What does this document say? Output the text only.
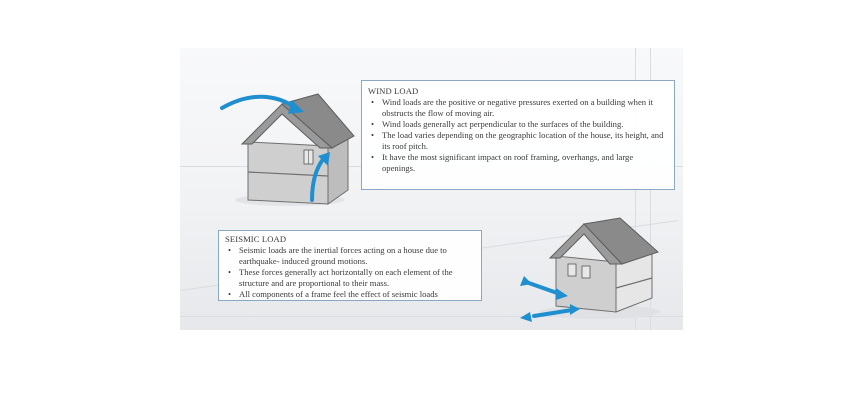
WIND LOAD
• Wind loads are the positive or negative pressures exerted on a building when it obstructs the flow of moving air.
• Wind loads generally act perpendicular to the surfaces of the building.
• The load varies depending on the geographic location of the house, its height, and its roof pitch.
• It have the most significant impact on roof framing, overhangs, and large openings.
SEISMIC LOAD
• Seismic loads are the inertial forces acting on a house due to earthquake- induced ground motions.
• These forces generally act horizontally on each element of the structure and are proportional to their mass.
• All components of a frame feel the effect of seismic loads
